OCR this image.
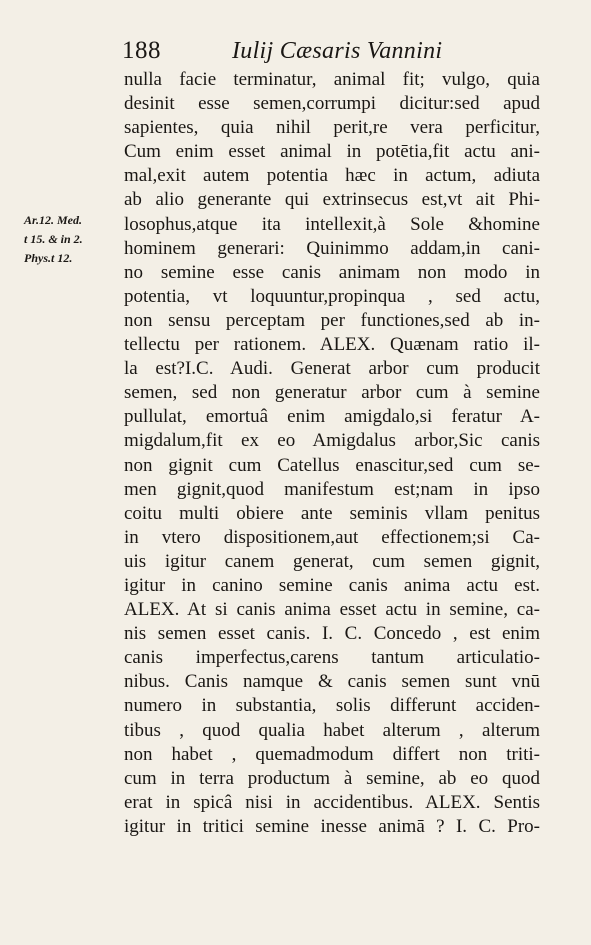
188	Iulij Cæsaris Vannini
Ar.12. Med.
t 15. & in 2.
Phys.t 12.
nulla facie terminatur, animal fit; vulgo, quia
desinit esse semen,corrumpi dicitur:sed apud
sapientes, quia nihil perit,re vera perficitur,
Cum enim esset animal in potētia,fit actu ani-
mal,exit autem potentia hæc in actum, adiuta
ab alio generante qui extrinsecus est,vt ait Phi-
losophus,atque ita intellexit,à Sole &homine
hominem generari: Quinimmo addam,in cani-
no semine esse canis animam non modo in
potentia, vt loquuntur,propinqua , sed actu,
non sensu perceptam per functiones,sed ab in-
tellectu per rationem. ALEX. Quænam ratio il-
la est?I.C. Audi. Generat arbor cum producit
semen, sed non generatur arbor cum à semine
pullulat, emortuâ enim amigdalo,si feratur A-
migdalum,fit ex eo Amigdalus arbor,Sic canis
non gignit cum Catellus enascitur,sed cum se-
men gignit,quod manifestum est;nam in ipso
coitu multi obiere ante seminis vllam penitus
in vtero dispositionem,aut effectionem;si Ca-
uis igitur canem generat, cum semen gignit,
igitur in canino semine canis anima actu est.
ALEX. At si canis anima esset actu in semine, ca-
nis semen esset canis. I. C. Concedo , est enim
canis imperfectus,carens tantum articulatio-
nibus. Canis namque & canis semen sunt vnū
numero in substantia, solis differunt acciden-
tibus , quod qualia habet alterum , alterum
non habet , quemadmodum differt non triti-
cum in terra productum à semine, ab eo quod
erat in spicâ nisi in accidentibus. ALEX. Sentis
igitur in tritici semine inesse animā ? I. C. Pro-
